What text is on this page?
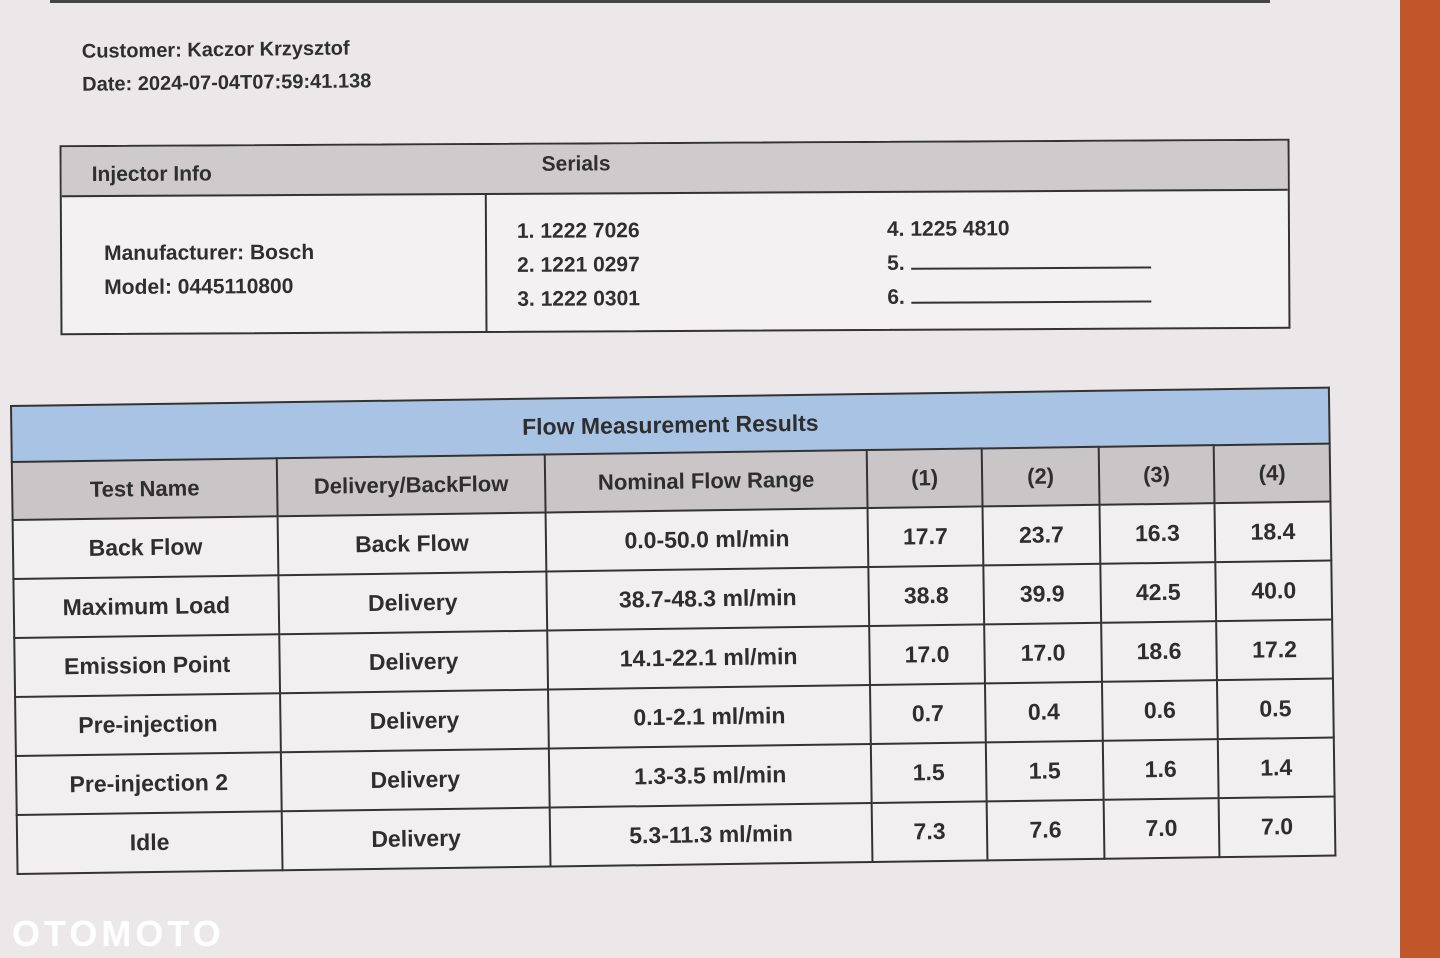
Customer: Kaczor Krzysztof
Date: 2024-07-04T07:59:41.138
Injector Info	Serials
Manufacturer: Bosch
Model: 0445110800
1. 1222 7026
2. 1221 0297
3. 1222 0301
4. 1225 4810
5.
6.
Flow Measurement Results						
Test Name	Delivery/BackFlow	Nominal Flow Range	(1)	(2)	(3)	(4)
Back Flow	Back Flow	0.0-50.0 ml/min	17.7	23.7	16.3	18.4
Maximum Load	Delivery	38.7-48.3 ml/min	38.8	39.9	42.5	40.0
Emission Point	Delivery	14.1-22.1 ml/min	17.0	17.0	18.6	17.2
Pre-injection	Delivery	0.1-2.1 ml/min	0.7	0.4	0.6	0.5
Pre-injection 2	Delivery	1.3-3.5 ml/min	1.5	1.5	1.6	1.4
Idle	Delivery	5.3-11.3 ml/min	7.3	7.6	7.0	7.0
OTOMOTO
